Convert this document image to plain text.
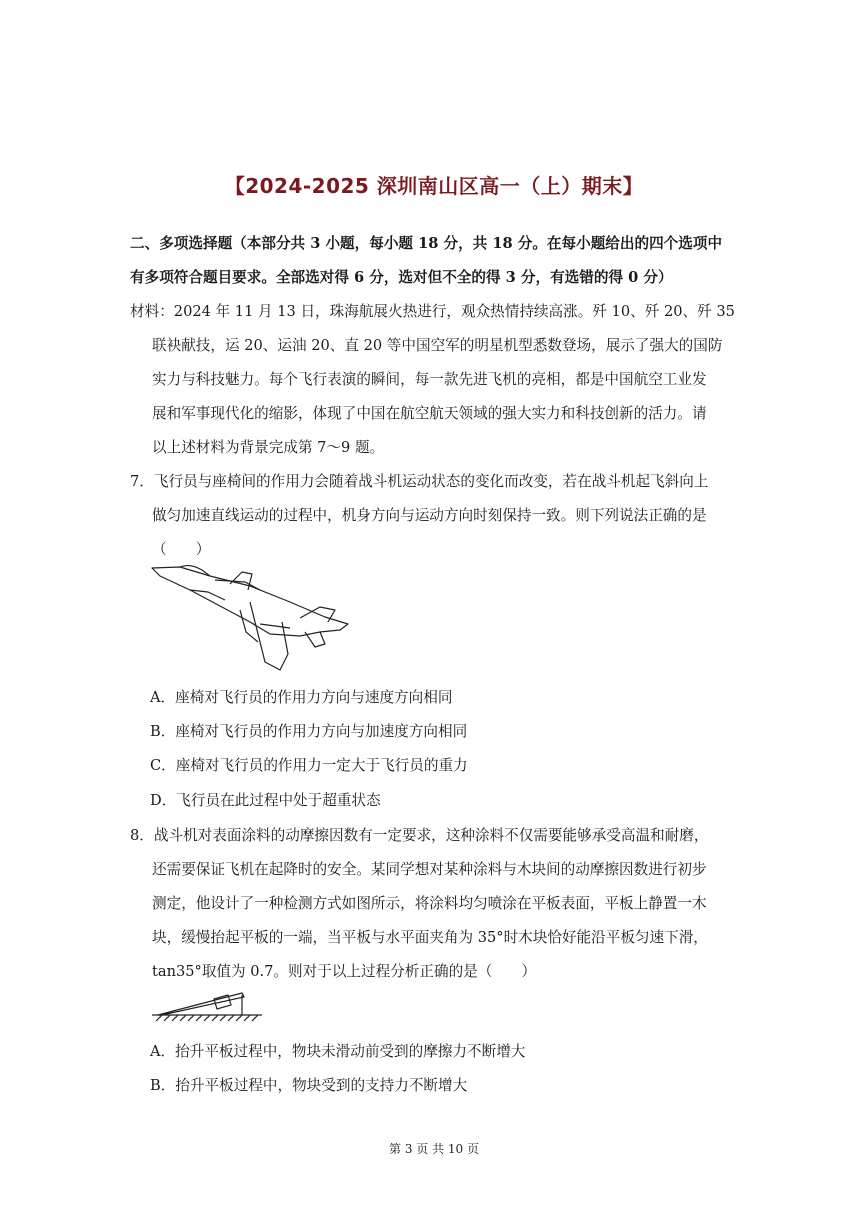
【2024-2025 深圳南山区高一（上）期末】
二、多项选择题（本部分共 3 小题，每小题 18 分，共 18 分。在每小题给出的四个选项中
有多项符合题目要求。全部选对得 6 分，选对但不全的得 3 分，有选错的得 0 分）
材料：2024 年 11 月 13 日，珠海航展火热进行，观众热情持续高涨。歼 10、歼 20、歼 35
联袂献技，运 20、运油 20、直 20 等中国空军的明星机型悉数登场，展示了强大的国防
实力与科技魅力。每个飞行表演的瞬间，每一款先进飞机的亮相，都是中国航空工业发
展和军事现代化的缩影，体现了中国在航空航天领域的强大实力和科技创新的活力。请
以上述材料为背景完成第 7～9 题。
7．飞行员与座椅间的作用力会随着战斗机运动状态的变化而改变，若在战斗机起飞斜向上
做匀加速直线运动的过程中，机身方向与运动方向时刻保持一致。则下列说法正确的是
（　　）
A．座椅对飞行员的作用力方向与速度方向相同
B．座椅对飞行员的作用力方向与加速度方向相同
C．座椅对飞行员的作用力一定大于飞行员的重力
D．飞行员在此过程中处于超重状态
8．战斗机对表面涂料的动摩擦因数有一定要求，这种涂料不仅需要能够承受高温和耐磨，
还需要保证飞机在起降时的安全。某同学想对某种涂料与木块间的动摩擦因数进行初步
测定，他设计了一种检测方式如图所示，将涂料均匀喷涂在平板表面，平板上静置一木
块，缓慢抬起平板的一端，当平板与水平面夹角为 35°时木块恰好能沿平板匀速下滑，
tan35°取值为 0.7。则对于以上过程分析正确的是（　　）
A．抬升平板过程中，物块未滑动前受到的摩擦力不断增大
B．抬升平板过程中，物块受到的支持力不断增大
第 3 页 共 10 页
